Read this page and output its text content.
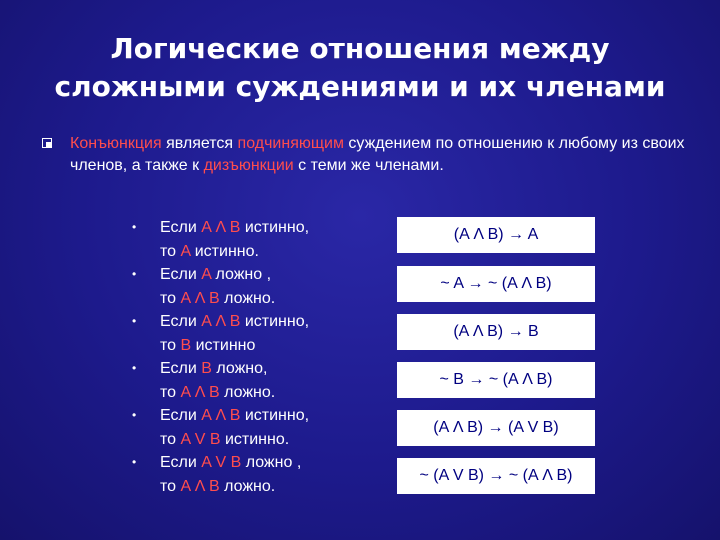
Логические отношения между
сложными суждениями и их членами
Конъюнкция является подчиняющим суждением по отношению к любому из своих членов, а также к дизъюнкции с теми же членами.
• Если A Λ B истинно,
то A истинно.
• Если A ложно ,
то A Λ B ложно.
• Если A Λ B истинно,
то B истинно
• Если B ложно,
то A Λ B ложно.
• Если A Λ B истинно,
то A V B истинно.
• Если A V B ложно ,
то A Λ B ложно.
(A Λ B) → A
~ A → ~ (A Λ B)
(A Λ B) → B
~ B → ~ (A Λ B)
(A Λ B) → (A V B)
~ (A V B) → ~ (A Λ B)
